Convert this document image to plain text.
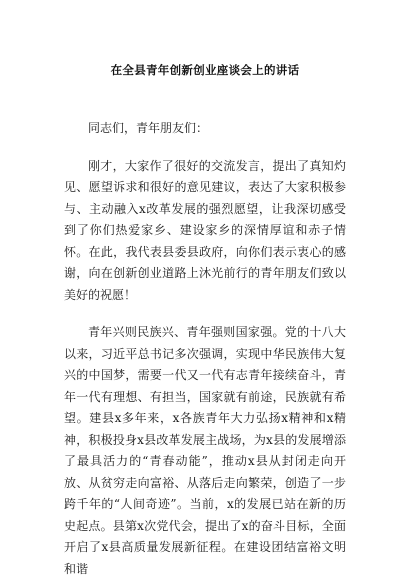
在全县青年创新创业座谈会上的讲话

同志们，青年朋友们：

刚才，大家作了很好的交流发言，提出了真知灼见、愿望诉求和很好的意见建议，表达了大家积极参与、主动融入x改革发展的强烈愿望，让我深切感受到了你们热爱家乡、建设家乡的深情厚谊和赤子情怀。在此，我代表县委县政府，向你们表示衷心的感谢，向在创新创业道路上沐光前行的青年朋友们致以美好的祝愿！

青年兴则民族兴、青年强则国家强。党的十八大以来，习近平总书记多次强调，实现中华民族伟大复兴的中国梦，需要一代又一代有志青年接续奋斗，青年一代有理想、有担当，国家就有前途，民族就有希望。建县x多年来，x各族青年大力弘扬x精神和x精神，积极投身x县改革发展主战场，为x县的发展增添了最具活力的“青春动能”，推动x县从封闭走向开放、从贫穷走向富裕、从落后走向繁荣，创造了一步跨千年的“人间奇迹”。当前，x的发展已站在新的历史起点。县第x次党代会，提出了x的奋斗目标，全面开启了x县高质量发展新征程。在建设团结富裕文明和谐
